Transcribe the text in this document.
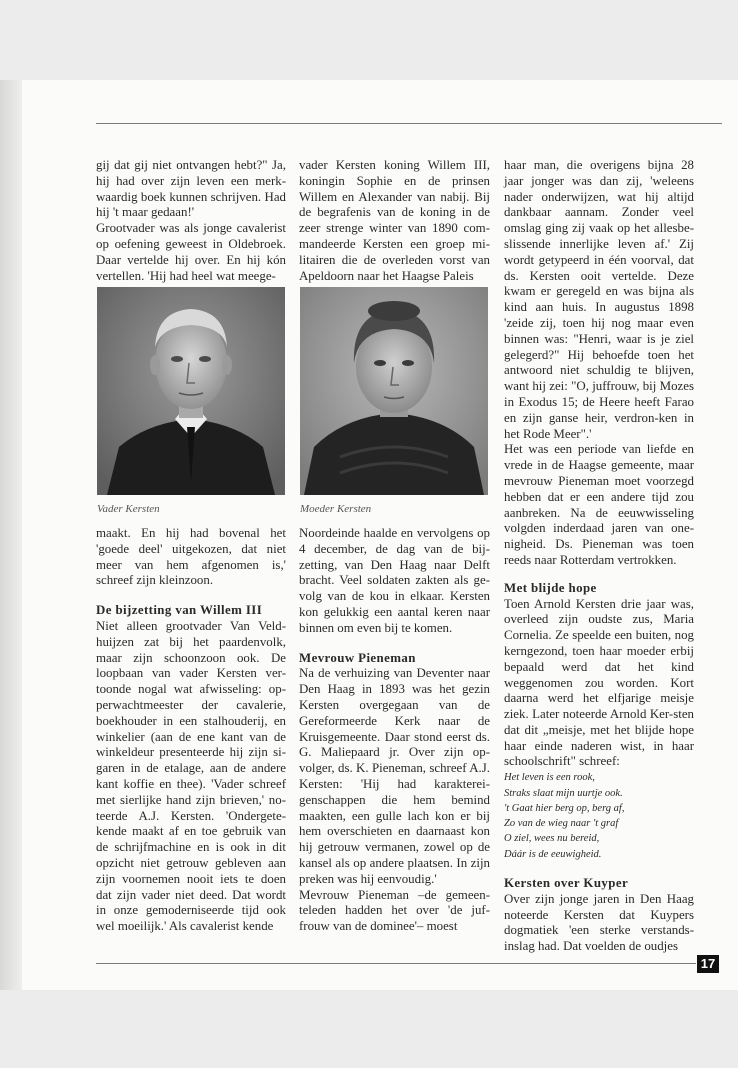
gij dat gij niet ontvangen hebt?" Ja, hij had over zijn leven een merk-waardig boek kunnen schrijven. Had hij 't maar gedaan!'

Grootvader was als jonge cavalerist op oefening geweest in Oldebroek. Daar vertelde hij over. En hij kón vertellen. 'Hij had heel wat meege-

vader Kersten koning Willem III, koningin Sophie en de prinsen Willem en Alexander van nabij. Bij de begrafenis van de koning in de zeer strenge winter van 1890 com-mandeerde Kersten een groep mi-litairen die de overleden vorst van Apeldoorn naar het Haagse Paleis

haar man, die overigens bijna 28 jaar jonger was dan zij, 'weleens nader onderwijzen, wat hij altijd dankbaar aannam. Zonder veel omslag ging zij vaak op het allesbe-slissende innerlijke leven af.' Zij wordt getypeerd in één voorval, dat ds. Kersten ooit vertelde. Deze kwam er geregeld en was bijna als kind aan huis. In augustus 1898 'zeide zij, toen hij nog maar even binnen was: "Henri, waar is je ziel gelegerd?" Hij behoefde toen het antwoord niet schuldig te blijven, want hij zei: "O, juffrouw, bij Mozes in Exodus 15; de Heere heeft Farao en zijn ganse heir, verdron-ken in het Rode Meer".'

Het was een periode van liefde en vrede in de Haagse gemeente, maar mevrouw Pieneman moet voorzegd hebben dat er een andere tijd zou aanbreken. Na de eeuwwisseling volgden inderdaad jaren van one-nigheid. Ds. Pieneman was toen reeds naar Rotterdam vertrokken.

Met blijde hope

Toen Arnold Kersten drie jaar was, overleed zijn oudste zus, Maria Cornelia. Ze speelde een buiten, nog kerngezond, toen haar moeder erbij bepaald werd dat het kind weggenomen zou worden. Kort daarna werd het elfjarige meisje ziek. Later noteerde Arnold Ker-sten dat dit „meisje, met het blijde hope haar einde naderen wist, in haar schoolschrift" schreef:

Het leven is een rook,
Straks slaat mijn uurtje ook.
't Gaat hier berg op, berg af,
Zo van de wieg naar 't graf
O ziel, wees nu bereid,
Dáár is de eeuwigheid.
Kersten over Kuyper

Over zijn jonge jaren in Den Haag noteerde Kersten dat Kuypers dogmatiek 'een sterke verstands-inslag had. Dat voelden de oudjes

Vader Kersten	Moeder Kersten

maakt. En hij had bovenal het 'goede deel' uitgekozen, dat niet meer van hem afgenomen is,' schreef zijn kleinzoon.

De bijzetting van Willem III

Niet alleen grootvader Van Veld-huijzen zat bij het paardenvolk, maar zijn schoonzoon ook. De loopbaan van vader Kersten ver-toonde nogal wat afwisseling: op-perwachtmeester der cavalerie, boekhouder in een stalhouderij, en winkelier (aan de ene kant van de winkeldeur presenteerde hij zijn si-garen in de etalage, aan de andere kant koffie en thee). 'Vader schreef met sierlijke hand zijn brieven,' no-teerde A.J. Kersten. 'Ondergete-kende maakt af en toe gebruik van de schrijfmachine en is ook in dit opzicht niet getrouw gebleven aan zijn voornemen nooit iets te doen dat zijn vader niet deed. Dat wordt in onze gemoderniseerde tijd ook wel moeilijk.' Als cavalerist kende

Noordeinde haalde en vervolgens op 4 december, de dag van de bij-zetting, van Den Haag naar Delft bracht. Veel soldaten zakten als ge-volg van de kou in elkaar. Kersten kon gelukkig een aantal keren naar binnen om even bij te komen.

Mevrouw Pieneman

Na de verhuizing van Deventer naar Den Haag in 1893 was het gezin Kersten overgegaan van de Gereformeerde Kerk naar de Kruisgemeente. Daar stond eerst ds. G. Maliepaard jr. Over zijn op-volger, ds. K. Pieneman, schreef A.J. Kersten: 'Hij had karakterei-genschappen die hem bemind maakten, een gulle lach kon er bij hem overschieten en daarnaast kon hij getrouw vermanen, zowel op de kansel als op andere plaatsen. In zijn preken was hij eenvoudig.'

Mevrouw Pieneman –de gemeen-teleden hadden het over 'de juf-frouw van de dominee'– moest

17
